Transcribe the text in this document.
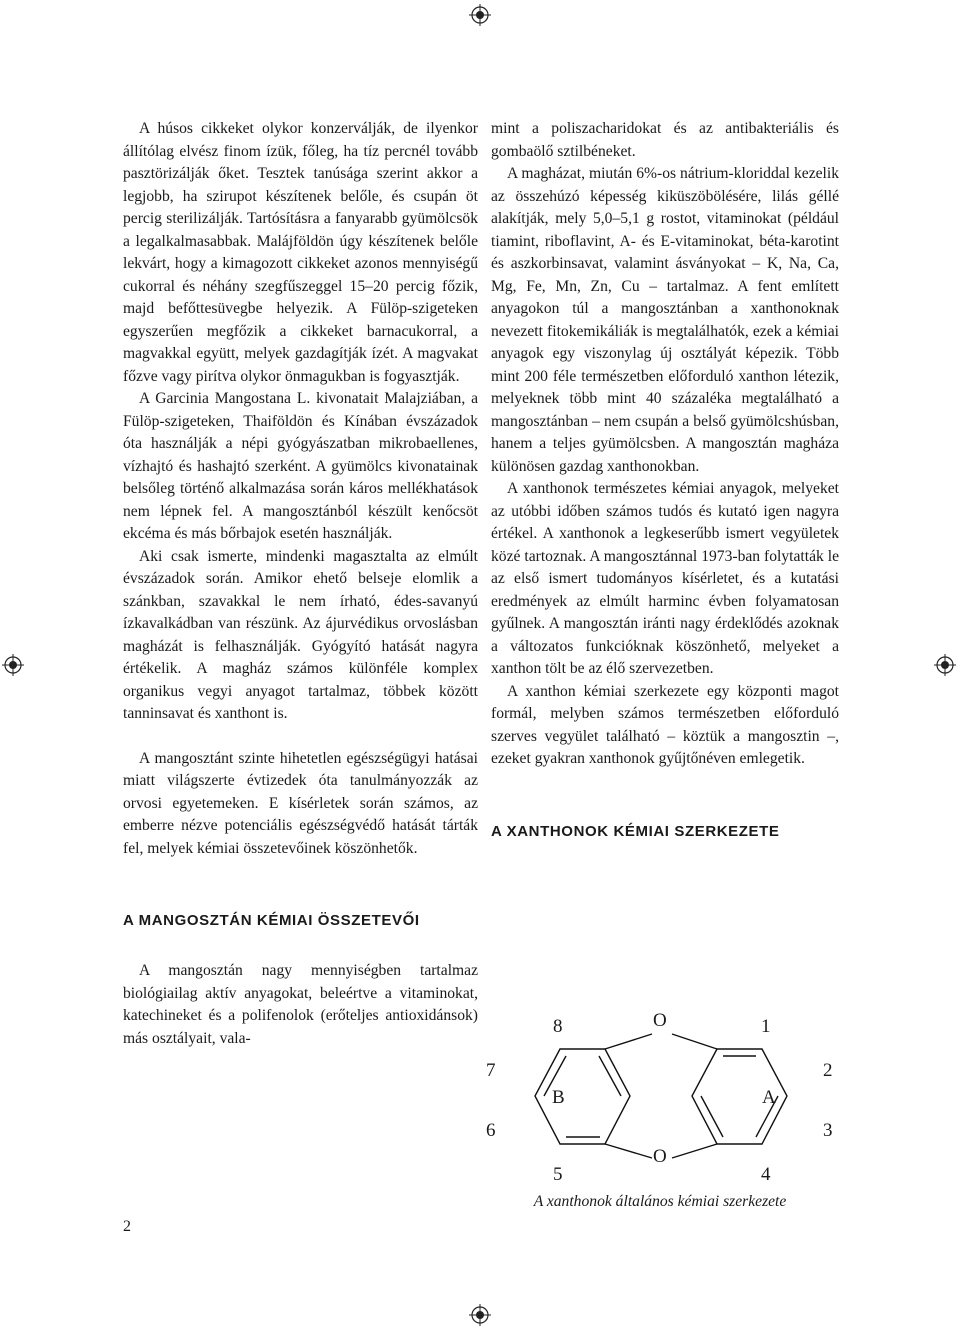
A húsos cikkeket olykor konzerválják, de ilyenkor állítólag elvész finom ízük, főleg, ha tíz percnél tovább pasztörizálják őket. Tesztek tanúsága szerint akkor a legjobb, ha szirupot készítenek belőle, és csupán öt percig sterilizálják. Tartósításra a fanyarabb gyümölcsök a legalkalmasabbak. Malájföldön úgy készítenek belőle lekvárt, hogy a kimagozott cikkeket azonos mennyiségű cukorral és néhány szegfűszeggel 15–20 percig főzik, majd befőttesüvegbe helyezik. A Fülöp-szigeteken egyszerűen megfőzik a cikkeket barnacukorral, a magvakkal együtt, melyek gazdagítják ízét. A magvakat főzve vagy pirítva olykor önmagukban is fogyasztják.

A Garcinia Mangostana L. kivonatait Malajziában, a Fülöp-szigeteken, Thaiföldön és Kínában évszázadok óta használják a népi gyógyászatban mikrobaellenes, vízhajtó és hashajtó szerként. A gyümölcs kivonatainak belsőleg történő alkalmazása során káros mellékhatások nem lépnek fel. A mangosztánból készült kenőcsöt ekcéma és más bőrbajok esetén használják.

Aki csak ismerte, mindenki magasztalta az elmúlt évszázadok során. Amikor ehető belseje elomlik a szánkban, szavakkal le nem írható, édes-savanyú ízkavalkádban van részünk. Az ájurvédikus orvoslásban magházát is felhasználják. Gyógyító hatását nagyra értékelik. A magház számos különféle komplex organikus vegyi anyagot tartalmaz, többek között tanninsavat és xanthont is.

A mangosztánt szinte hihetetlen egészségügyi hatásai miatt világszerte évtizedek óta tanulmányozzák az orvosi egyetemeken. E kísérletek során számos, az emberre nézve potenciális egészségvédő hatását tárták fel, melyek kémiai összetevőinek köszönhetők.

A MANGOSZTÁN KÉMIAI ÖSSZETEVŐI

A mangosztán nagy mennyiségben tartalmaz biológiailag aktív anyagokat, beleértve a vitaminokat, katechineket és a polifenolok (erőteljes antioxidánsok) más osztályait, vala-

mint a poliszacharidokat és az antibakteriális és gombaölő sztilbéneket.

A magházat, miután 6%-os nátrium-kloriddal kezelik az összehúzó képesség kiküszöbölésére, lilás géllé alakítják, mely 5,0–5,1 g rostot, vitaminokat (például tiamint, riboflavint, A- és E-vitaminokat, béta-karotint és aszkorbinsavat, valamint ásványokat – K, Na, Ca, Mg, Fe, Mn, Zn, Cu – tartalmaz. A fent említett anyagokon túl a mangosztánban a xanthonoknak nevezett fitokemikáliák is megtalálhatók, ezek a kémiai anyagok egy viszonylag új osztályát képezik. Több mint 200 féle természetben előforduló xanthon létezik, melyeknek több mint 40 százaléka megtalálható a mangosztánban – nem csupán a belső gyümölcshúsban, hanem a teljes gyümölcsben. A mangosztán magháza különösen gazdag xanthonokban.

A xanthonok természetes kémiai anyagok, melyeket az utóbbi időben számos tudós és kutató igen nagyra értékel. A xanthonok a legkeserűbb ismert vegyületek közé tartoznak. A mangosztánnal 1973-ban folytatták le az első ismert tudományos kísérletet, és a kutatási eredmények az elmúlt harminc évben folyamatosan gyűlnek. A mangosztán iránti nagy érdeklődés azoknak a változatos funkcióknak köszönhető, melyeket a xanthon tölt be az élő szervezetben.

A xanthon kémiai szerkezete egy központi magot formál, melyben számos természetben előforduló szerves vegyület található – köztük a mangosztin –, ezeket gyakran xanthonok gyűjtőnéven emlegetik.

A XANTHONOK KÉMIAI SZERKEZETE
8	O	1
7	2
B	A
6	3
O
5	4
A xanthonok általános kémiai szerkezete
2
